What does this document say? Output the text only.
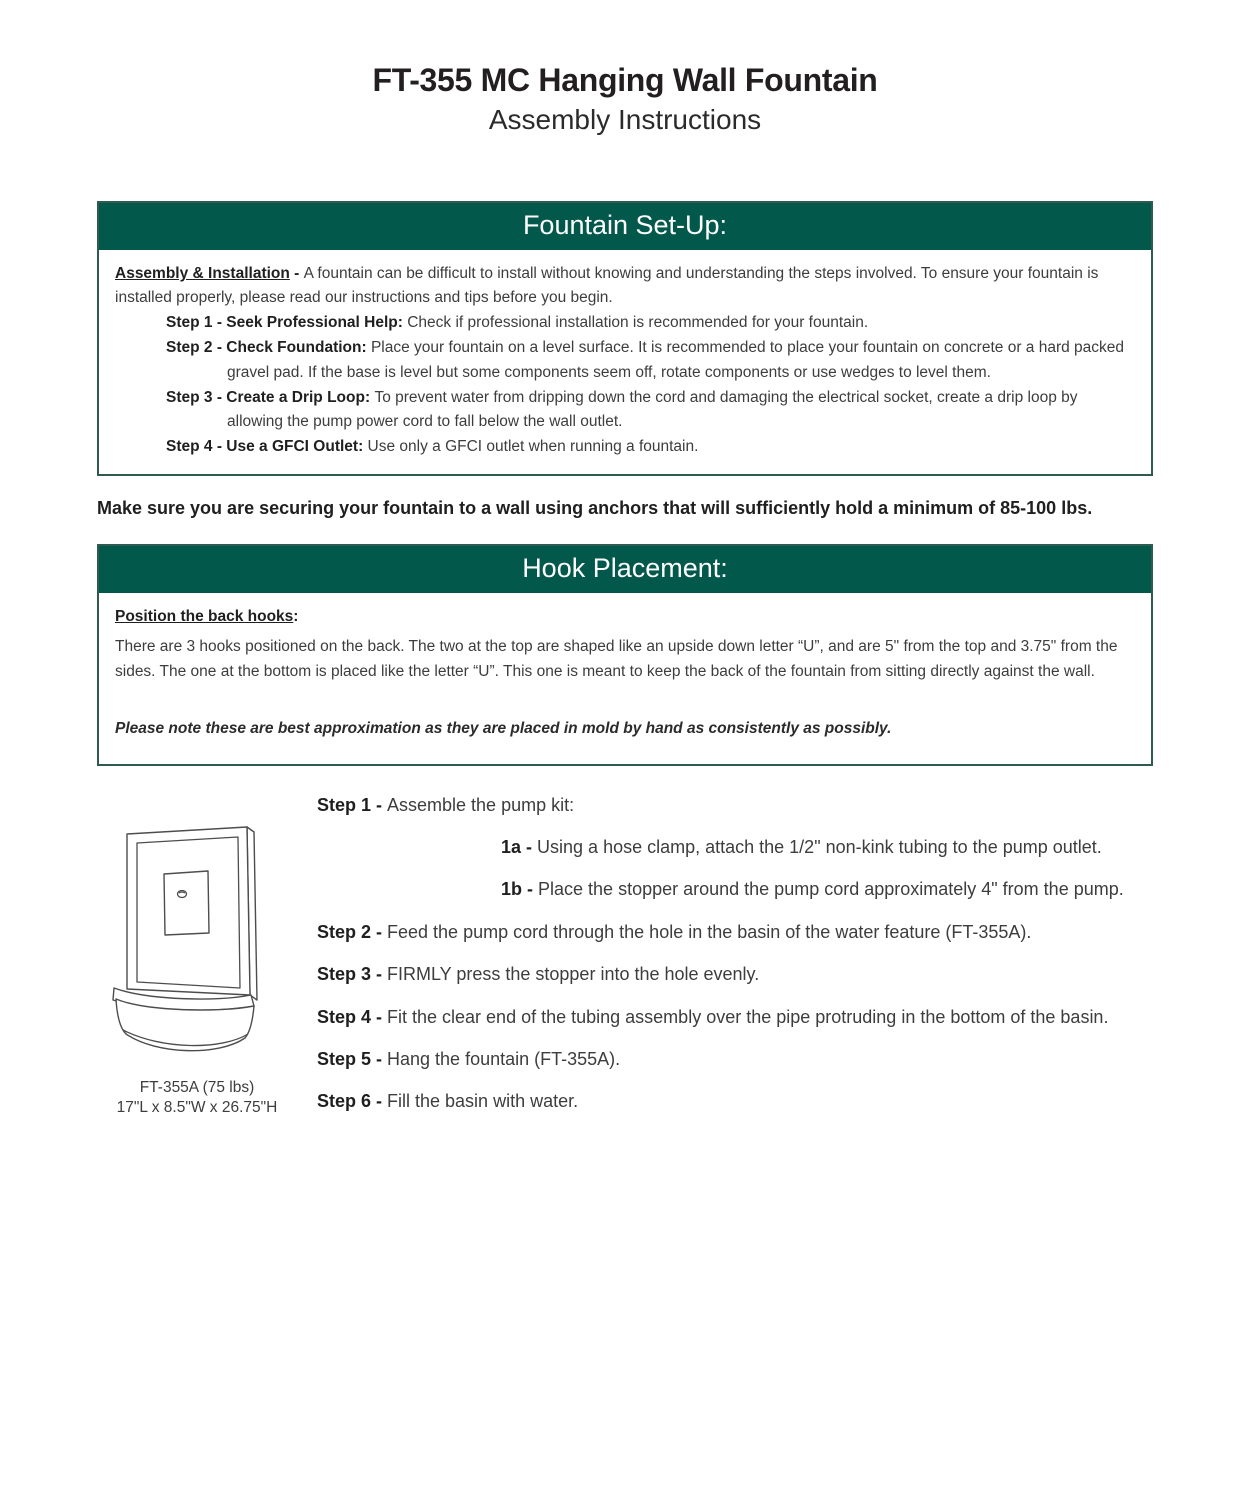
FT-355 MC Hanging Wall Fountain
Assembly Instructions
Fountain Set-Up:

Assembly & Installation - A fountain can be difficult to install without knowing and understanding the steps involved. To ensure your fountain is installed properly, please read our instructions and tips before you begin.

Step 1 - Seek Professional Help: Check if professional installation is recommended for your fountain.
Step 2 - Check Foundation: Place your fountain on a level surface. It is recommended to place your fountain on concrete or a hard packed gravel pad. If the base is level but some components seem off, rotate components or use wedges to level them.
Step 3 - Create a Drip Loop: To prevent water from dripping down the cord and damaging the electrical socket, create a drip loop by allowing the pump power cord to fall below the wall outlet.
Step 4 - Use a GFCI Outlet: Use only a GFCI outlet when running a fountain.

Make sure you are securing your fountain to a wall using anchors that will sufficiently hold a minimum of 85-100 lbs.

Hook Placement:

Position the back hooks:

There are 3 hooks positioned on the back. The two at the top are shaped like an upside down letter “U”, and are 5" from the top and 3.75" from the sides. The one at the bottom is placed like the letter “U”. This one is meant to keep the back of the fountain from sitting directly against the wall.

Please note these are best approximation as they are placed in mold by hand as consistently as possibly.

FT-355A (75 lbs)
17"L x 8.5"W x 26.75"H
Step 1 - Assemble the pump kit:
1a - Using a hose clamp, attach the 1/2" non-kink tubing to the pump outlet.
1b - Place the stopper around the pump cord approximately 4" from the pump.
Step 2 - Feed the pump cord through the hole in the basin of the water feature (FT-355A).
Step 3 - FIRMLY press the stopper into the hole evenly.
Step 4 - Fit the clear end of the tubing assembly over the pipe protruding in the bottom of the basin.
Step 5 - Hang the fountain (FT-355A).
Step 6 - Fill the basin with water.
